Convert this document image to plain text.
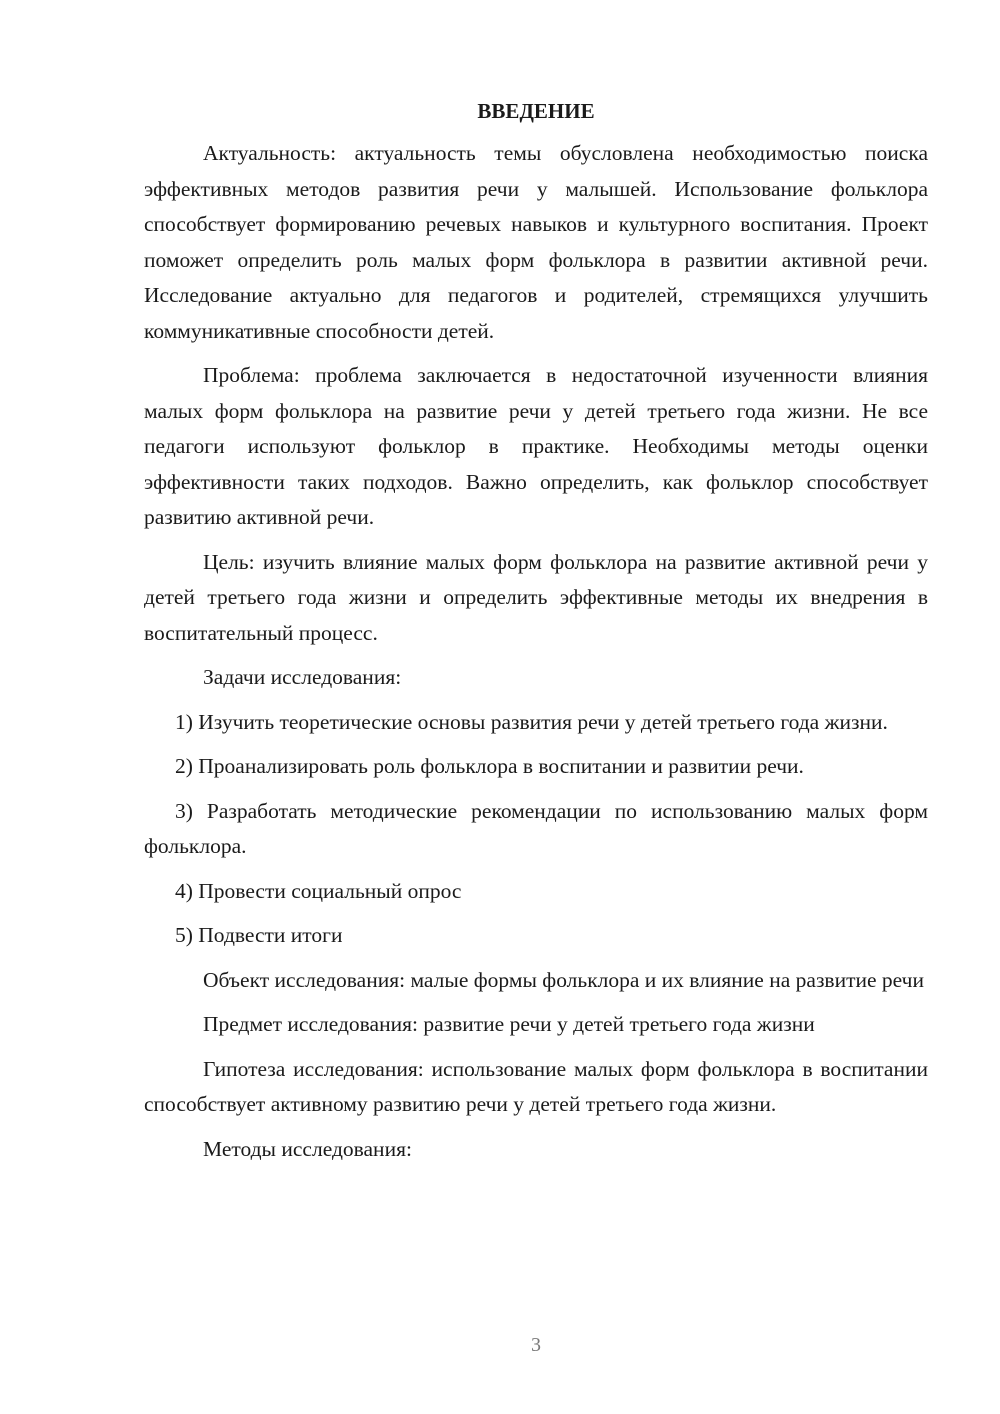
ВВЕДЕНИЕ

Актуальность: актуальность темы обусловлена необходимостью поиска эффективных методов развития речи у малышей. Использование фольклора способствует формированию речевых навыков и культурного воспитания. Проект поможет определить роль малых форм фольклора в развитии активной речи. Исследование актуально для педагогов и родителей, стремящихся улучшить коммуникативные способности детей.

Проблема: проблема заключается в недостаточной изученности влияния малых форм фольклора на развитие речи у детей третьего года жизни. Не все педагоги используют фольклор в практике. Необходимы методы оценки эффективности таких подходов. Важно определить, как фольклор способствует развитию активной речи.

Цель: изучить влияние малых форм фольклора на развитие активной речи у детей третьего года жизни и определить эффективные методы их внедрения в воспитательный процесс.

Задачи исследования:

1) Изучить теоретические основы развития речи у детей третьего года жизни.

2) Проанализировать роль фольклора в воспитании и развитии речи.

3) Разработать методические рекомендации по использованию малых форм фольклора.

4) Провести социальный опрос

5) Подвести итоги

Объект исследования: малые формы фольклора и их влияние на развитие речи

Предмет исследования: развитие речи у детей третьего года жизни

Гипотеза исследования: использование малых форм фольклора в воспитании способствует активному развитию речи у детей третьего года жизни.

Методы исследования:

3
